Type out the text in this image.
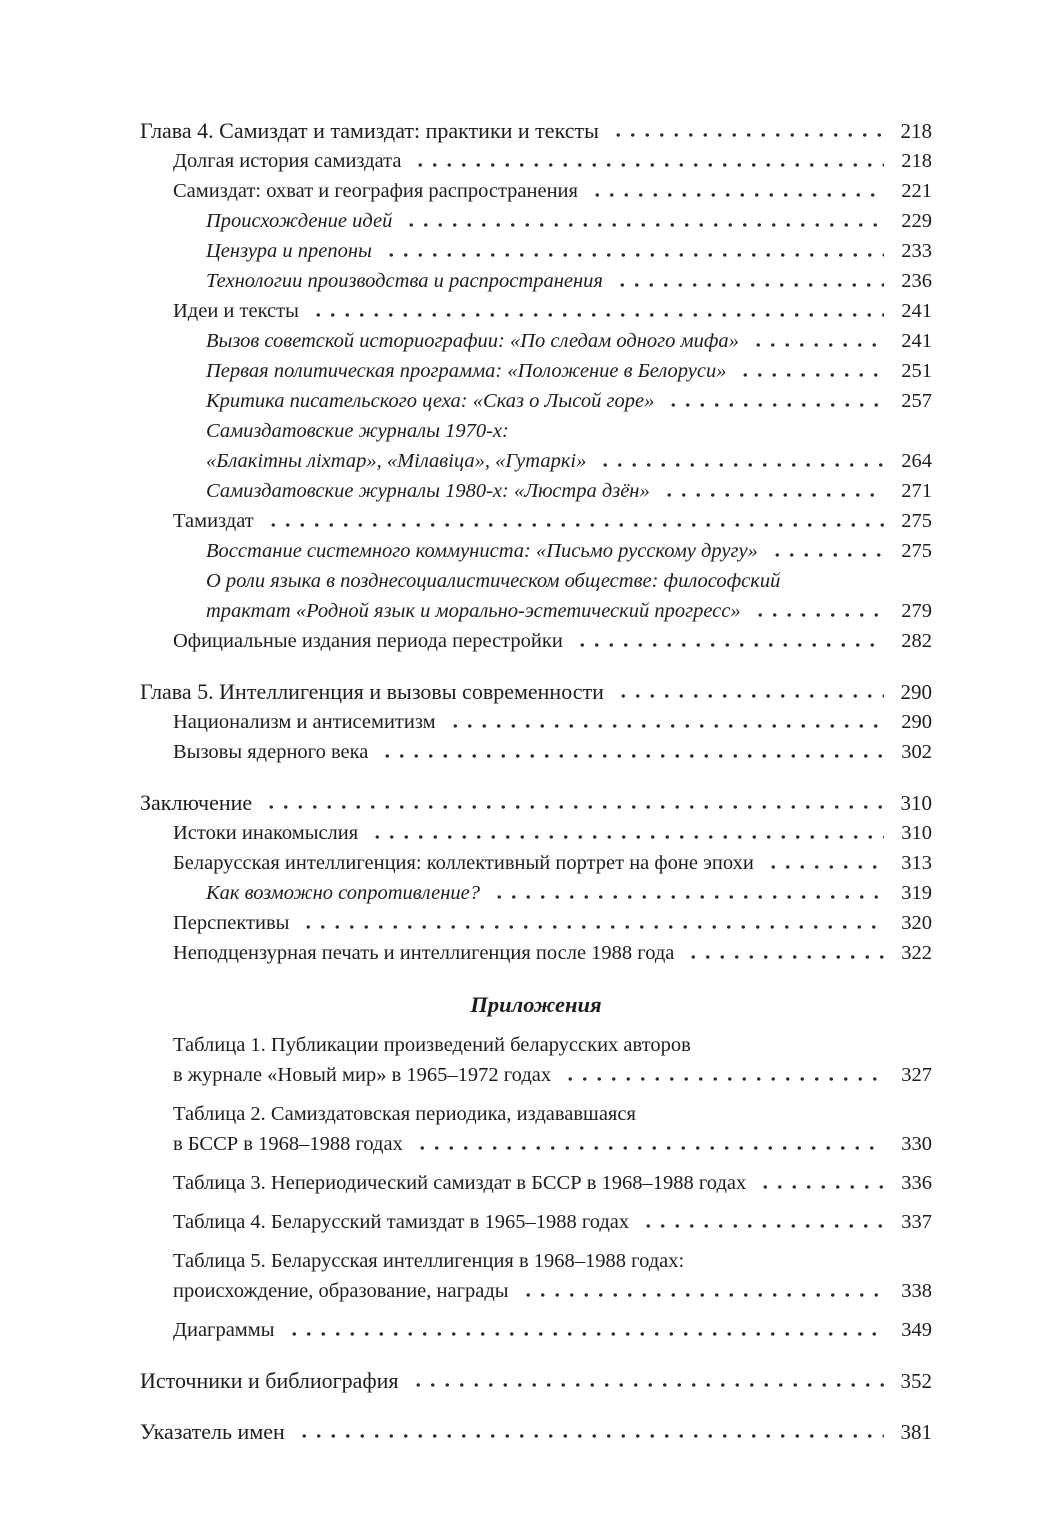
Глава 4. Самиздат и тамиздат: практики и тексты	218
Долгая история самиздата	218
Самиздат: охват и география распространения	221
Происхождение идей	229
Цензура и препоны	233
Технологии производства и распространения	236
Идеи и тексты	241
Вызов советской историографии: «По следам одного мифа»	241
Первая политическая программа: «Положение в Белоруси»	251
Критика писательского цеха: «Сказ о Лысой горе»	257
Самиздатовские журналы 1970-х:
«Блакітны ліхтар», «Мілавіца», «Гутаркі»	264
Самиздатовские журналы 1980-х: «Люстра дзён»	271
Тамиздат	275
Восстание системного коммуниста: «Письмо русскому другу»	275
О роли языка в позднесоциалистическом обществе: философский
трактат «Родной язык и морально-эстетический прогресс»	279
Официальные издания периода перестройки	282
Глава 5. Интеллигенция и вызовы современности	290
Национализм и антисемитизм	290
Вызовы ядерного века	302
Заключение	310
Истоки инакомыслия	310
Беларусская интеллигенция: коллективный портрет на фоне эпохи	313
Как возможно сопротивление?	319
Перспективы	320
Неподцензурная печать и интеллигенция после 1988 года	322
Приложения
Таблица 1. Публикации произведений беларусских авторов
в журнале «Новый мир» в 1965–1972 годах	327
Таблица 2. Самиздатовская периодика, издававшаяся
в БССР в 1968–1988 годах	330
Таблица 3. Непериодический самиздат в БССР в 1968–1988 годах	336
Таблица 4. Беларусский тамиздат в 1965–1988 годах	337
Таблица 5. Беларусская интеллигенция в 1968–1988 годах:
происхождение, образование, награды	338
Диаграммы	349
Источники и библиография	352
Указатель имен	381
